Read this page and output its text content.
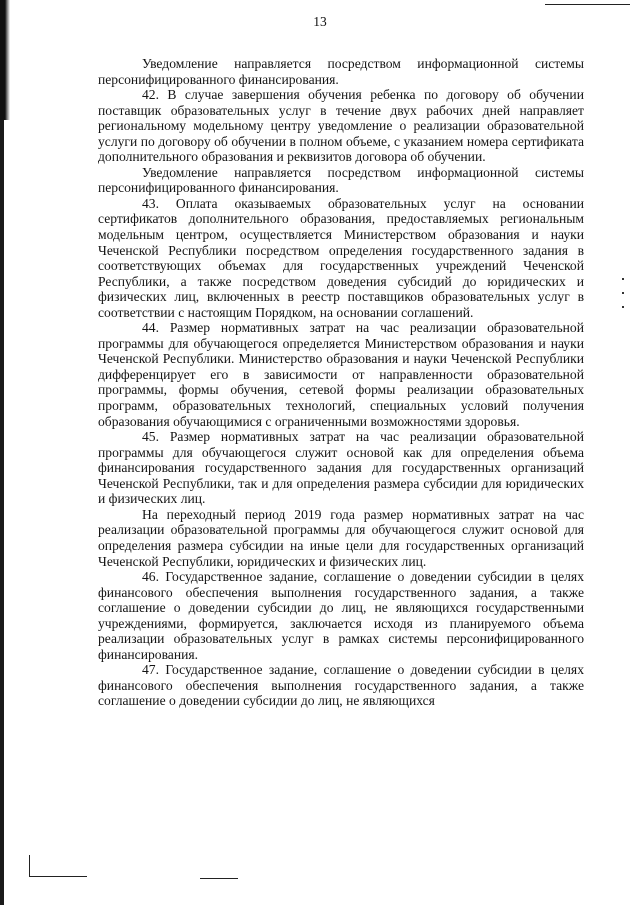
13

Уведомление направляется посредством информационной системы персонифицированного финансирования.

42. В случае завершения обучения ребенка по договору об обучении поставщик образовательных услуг в течение двух рабочих дней направляет региональному модельному центру уведомление о реализации образовательной услуги по договору об обучении в полном объеме, с указанием номера сертификата дополнительного образования и реквизитов договора об обучении.

Уведомление направляется посредством информационной системы персонифицированного финансирования.

43. Оплата оказываемых образовательных услуг на основании сертификатов дополнительного образования, предоставляемых региональным модельным центром, осуществляется Министерством образования и науки Чеченской Республики посредством определения государственного задания в соответствующих объемах для государственных учреждений Чеченской Республики, а также посредством доведения субсидий до юридических и физических лиц, включенных в реестр поставщиков образовательных услуг в соответствии с настоящим Порядком, на основании соглашений.

44. Размер нормативных затрат на час реализации образовательной программы для обучающегося определяется Министерством образования и науки Чеченской Республики. Министерство образования и науки Чеченской Республики дифференцирует его в зависимости от направленности образовательной программы, формы обучения, сетевой формы реализации образовательных программ, образовательных технологий, специальных условий получения образования обучающимися с ограниченными возможностями здоровья.

45. Размер нормативных затрат на час реализации образовательной программы для обучающегося служит основой как для определения объема финансирования государственного задания для государственных организаций Чеченской Республики, так и для определения размера субсидии для юридических и физических лиц.

На переходный период 2019 года размер нормативных затрат на час реализации образовательной программы для обучающегося служит основой для определения размера субсидии на иные цели для государственных организаций Чеченской Республики, юридических и физических лиц.

46. Государственное задание, соглашение о доведении субсидии в целях финансового обеспечения выполнения государственного задания, а также соглашение о доведении субсидии до лиц, не являющихся государственными учреждениями, формируется, заключается исходя из планируемого объема реализации образовательных услуг в рамках системы персонифицированного финансирования.

47. Государственное задание, соглашение о доведении субсидии в целях финансового обеспечения выполнения государственного задания, а также соглашение о доведении субсидии до лиц, не являющихся
